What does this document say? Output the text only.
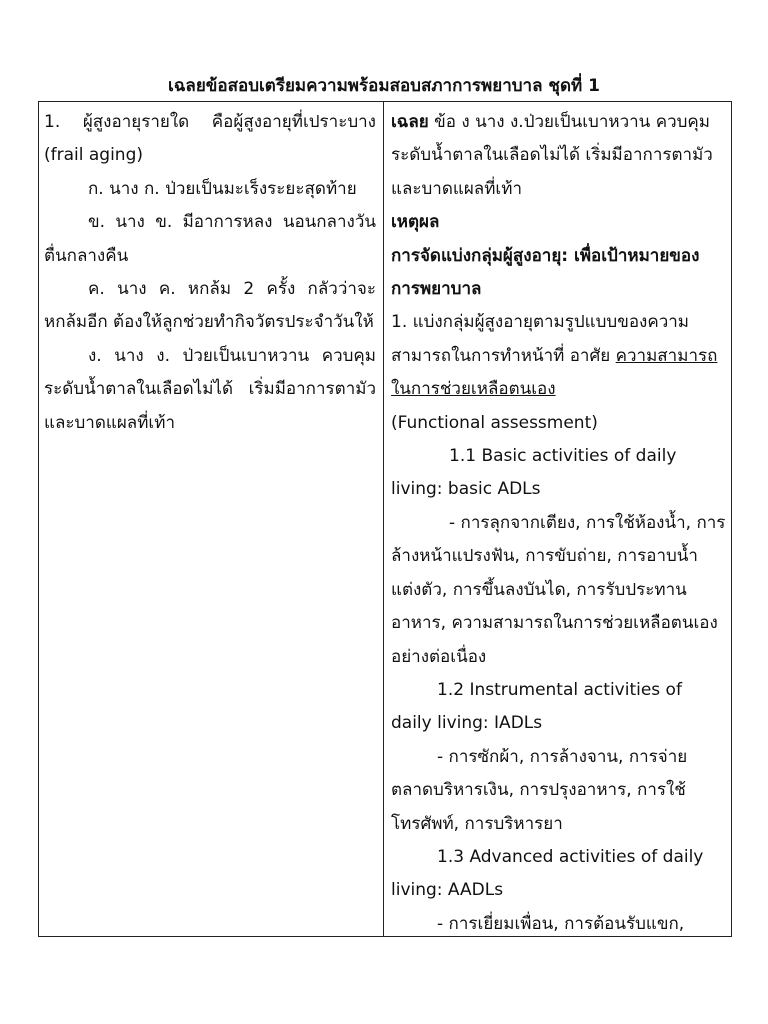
เฉลยข้อสอบเตรียมความพร้อมสอบสภาการพยาบาล ชุดที่ 1

1. ผู้สูงอายุรายใด คือผู้สูงอายุที่เปราะบาง (frail aging)

ก. นาง ก. ป่วยเป็นมะเร็งระยะสุดท้าย

ข. นาง ข. มีอาการหลง นอนกลางวัน ตื่นกลางคืน

ค. นาง ค. หกล้ม 2 ครั้ง กลัวว่าจะหกล้มอีก ต้องให้ลูกช่วยทำกิจวัตรประจำวันให้

ง. นาง ง. ป่วยเป็นเบาหวาน ควบคุมระดับน้ำตาลในเลือดไม่ได้ เริ่มมีอาการตามัวและบาดแผลที่เท้า

เฉลย ข้อ ง นาง ง.ป่วยเป็นเบาหวาน ควบคุมระดับน้ำตาลในเลือดไม่ได้ เริ่มมีอาการตามัวและบาดแผลที่เท้า

เหตุผล

การจัดแบ่งกลุ่มผู้สูงอายุ: เพื่อเป้าหมายของการพยาบาล

1. แบ่งกลุ่มผู้สูงอายุตามรูปแบบของความสามารถในการทำหน้าที่ อาศัย ความสามารถในการช่วยเหลือตนเอง

(Functional assessment)

1.1 Basic activities of daily living: basic ADLs

- การลุกจากเตียง, การใช้ห้องน้ำ, การล้างหน้าแปรงฟัน, การขับถ่าย, การอาบน้ำแต่งตัว, การขึ้นลงบันได, การรับประทานอาหาร, ความสามารถในการช่วยเหลือตนเองอย่างต่อเนื่อง

1.2 Instrumental activities of daily living: IADLs

- การซักผ้า, การล้างจาน, การจ่ายตลาดบริหารเงิน, การปรุงอาหาร, การใช้โทรศัพท์, การบริหารยา

1.3 Advanced activities of daily living: AADLs

- การเยี่ยมเพื่อน, การต้อนรับแขก,
